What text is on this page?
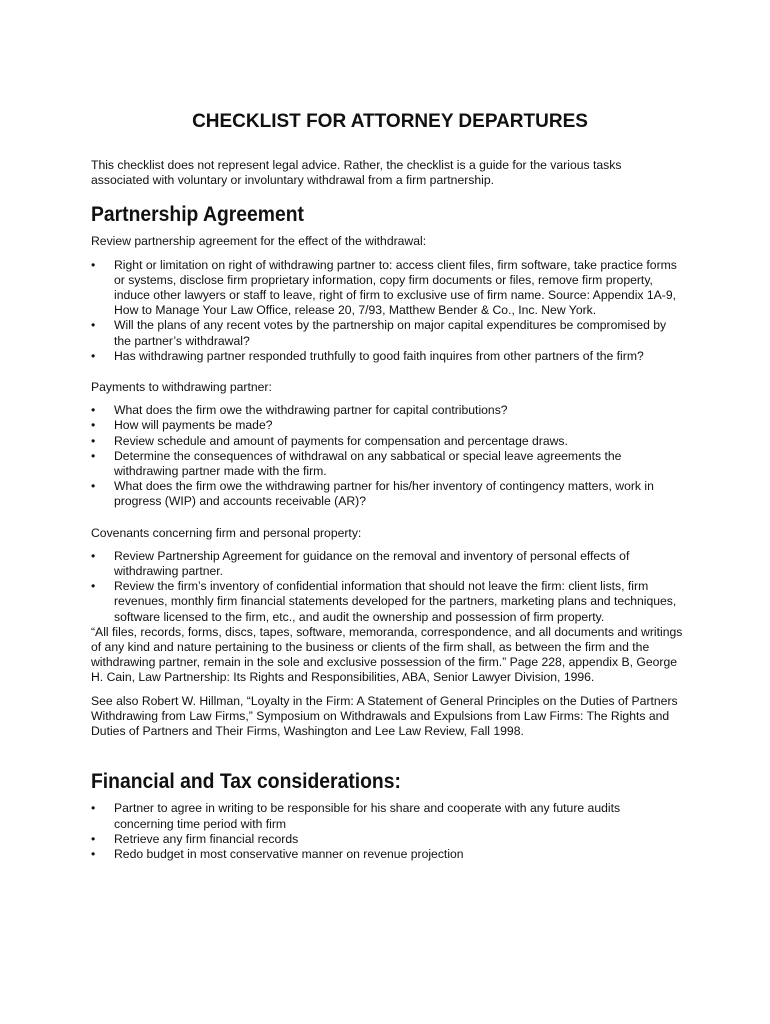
CHECKLIST FOR ATTORNEY DEPARTURES

This checklist does not represent legal advice. Rather, the checklist is a guide for the various tasks associated with voluntary or involuntary withdrawal from a firm partnership.

Partnership Agreement

Review partnership agreement for the effect of the withdrawal:

•	Right or limitation on right of withdrawing partner to: access client files, firm software, take practice forms or systems, disclose firm proprietary information, copy firm documents or files, remove firm property, induce other lawyers or staff to leave, right of firm to exclusive use of firm name. Source: Appendix 1A-9, How to Manage Your Law Office, release 20, 7/93, Matthew Bender & Co., Inc. New York.
•	Will the plans of any recent votes by the partnership on major capital expenditures be compromised by the partner’s withdrawal?
•	Has withdrawing partner responded truthfully to good faith inquires from other partners of the firm?

Payments to withdrawing partner:

•	What does the firm owe the withdrawing partner for capital contributions?
•	How will payments be made?
•	Review schedule and amount of payments for compensation and percentage draws.
•	Determine the consequences of withdrawal on any sabbatical or special leave agreements the withdrawing partner made with the firm.
•	What does the firm owe the withdrawing partner for his/her inventory of contingency matters, work in progress (WIP) and accounts receivable (AR)?

Covenants concerning firm and personal property:

•	Review Partnership Agreement for guidance on the removal and inventory of personal effects of withdrawing partner.
•	Review the firm’s inventory of confidential information that should not leave the firm: client lists, firm revenues, monthly firm financial statements developed for the partners, marketing plans and techniques, software licensed to the firm, etc., and audit the ownership and possession of firm property.

“All files, records, forms, discs, tapes, software, memoranda, correspondence, and all documents and writings of any kind and nature pertaining to the business or clients of the firm shall, as between the firm and the withdrawing partner, remain in the sole and exclusive possession of the firm.” Page 228, appendix B, George H. Cain, Law Partnership: Its Rights and Responsibilities, ABA, Senior Lawyer Division, 1996.

See also Robert W. Hillman, “Loyalty in the Firm: A Statement of General Principles on the Duties of Partners Withdrawing from Law Firms,” Symposium on Withdrawals and Expulsions from Law Firms: The Rights and Duties of Partners and Their Firms, Washington and Lee Law Review, Fall 1998.

Financial and Tax considerations:
•	Partner to agree in writing to be responsible for his share and cooperate with any future audits concerning time period with firm
•	Retrieve any firm financial records
•	Redo budget in most conservative manner on revenue projection
